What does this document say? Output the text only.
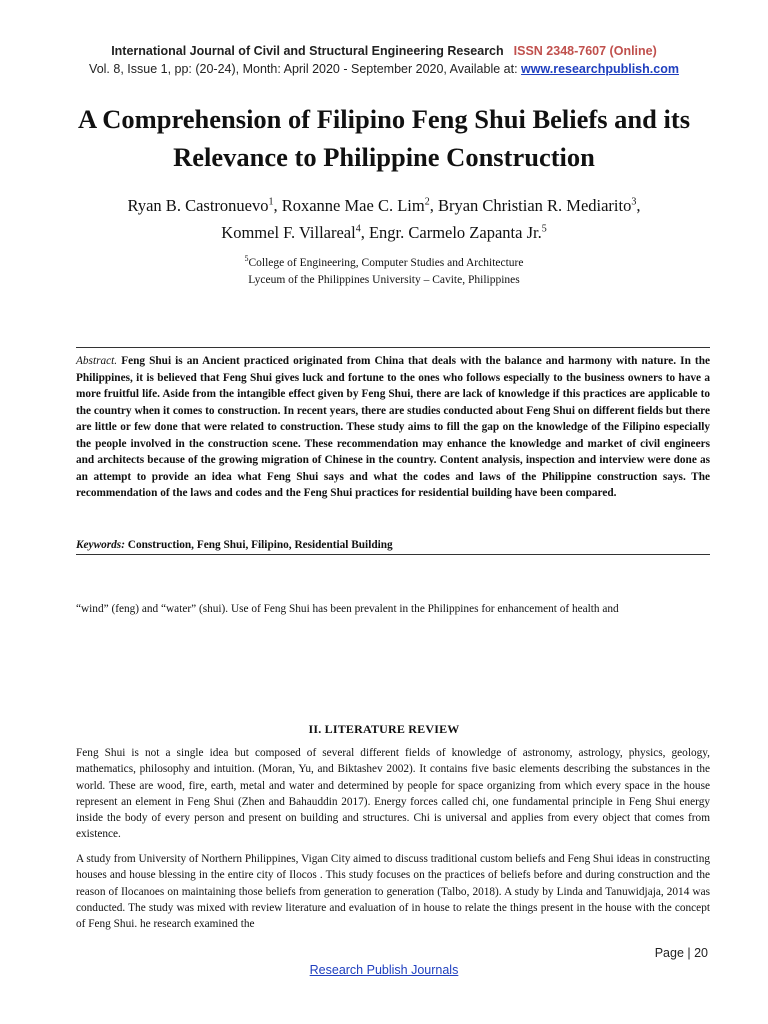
International Journal of Civil and Structural Engineering Research ISSN 2348-7607 (Online)
Vol. 8, Issue 1, pp: (20-24), Month: April 2020 - September 2020, Available at: www.researchpublish.com
A Comprehension of Filipino Feng Shui Beliefs and its Relevance to Philippine Construction
Ryan B. Castronuevo$^1$, Roxanne Mae C. Lim$^2$, Bryan Christian R. Mediarito$^3$,
Kommel F. Villareal$^4$, Engr. Carmelo Zapanta Jr.$^5$
$^5$College of Engineering, Computer Studies and Architecture
Lyceum of the Philippines University – Cavite, Philippines
Abstract. Feng Shui is an Ancient practiced originated from China that deals with the balance and harmony with nature. In the Philippines, it is believed that Feng Shui gives luck and fortune to the ones who follows especially to the business owners to have a more fruitful life. Aside from the intangible effect given by Feng Shui, there are lack of knowledge if this practices are applicable to the country when it comes to construction. In recent years, there are studies conducted about Feng Shui on different fields but there are little or few done that were related to construction. These study aims to fill the gap on the knowledge of the Filipino especially the people involved in the construction scene. These recommendation may enhance the knowledge and market of civil engineers and architects because of the growing migration of Chinese in the country. Content analysis, inspection and interview were done as an attempt to provide an idea what Feng Shui says and what the codes and laws of the Philippine construction says. The recommendation of the laws and codes and the Feng Shui practices for residential building have been compared.
Keywords: Construction, Feng Shui, Filipino, Residential Building
“wind” (feng) and “water” (shui). Use of Feng Shui has been prevalent in the Philippines for enhancement of health and
II. LITERATURE REVIEW
Feng Shui is not a single idea but composed of several different fields of knowledge of astronomy, astrology, physics, geology, mathematics, philosophy and intuition. (Moran, Yu, and Biktashev 2002). It contains five basic elements describing the substances in the world. These are wood, fire, earth, metal and water and determined by people for space organizing from which every space in the house represent an element in Feng Shui (Zhen and Bahauddin 2017). Energy forces called chi, one fundamental principle in Feng Shui energy inside the body of every person and present on building and structures. Chi is universal and applies from every object that comes from existence.
A study from University of Northern Philippines, Vigan City aimed to discuss traditional custom beliefs and Feng Shui ideas in constructing houses and house blessing in the entire city of Ilocos . This study focuses on the practices of beliefs before and during construction and the reason of Ilocanoes on maintaining those beliefs from generation to generation (Talbo, 2018). A study by Linda and Tanuwidjaja, 2014 was conducted. The study was mixed with review literature and evaluation of in house to relate the things present in the house with the concept of Feng Shui. he research examined the
Page | 20
Research Publish Journals
